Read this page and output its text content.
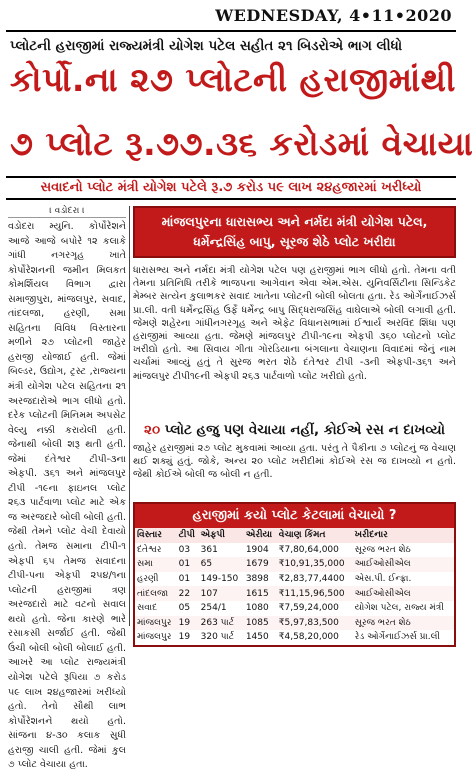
WEDNESDAY, 4•11•2020
પ્લોટની હરાજીમાં રાજ્યમંત્રી યોગેશ પટેલ સહીત ૨૧ બિડરોએ ભાગ લીધો
કોર્પો.ના ૨૭ પ્લોટની હરાજીમાંથી
૭ પ્લોટ રૂ.૭૭.૩૬ કરોડમાં વેચાયા
સવાદનો પ્લોટ મંત્રી યોગેશ પટેલે રૂ.૭ કરોડ ૫૯ લાખ ૨૪હજારમાં ખરીધ્યો
। વડોદરા ।
વડોદરા મ્યુનિ. કોર્પોરેશને આજે આજે બપોરે ૧૨ કલાકે ગાંધી નગરગૃહ ખાતે કોર્પોરેશનની જમીન મિલકત કોમર્શિયલ વિભાગ દ્વારા સમાજીપુરા, માંજલપુર, સવાદ, તાંદલજા, હરણી, સમા સહિતના વિવિધ વિસ્તારના મળીને ૨૭ પ્લોટની જાહેર હરાજી યોજાઈ હતી. જેમાં બિલ્ડર, ઉદ્યોગ, ટ્રસ્ટ ,રાજ્યના મંત્રી યોગેશ પટેલ સહિતના ૨૧ અરજદારોએ ભાગ લીધો હતો. દરેક પ્લોટની મિનિમમ અપસેટ વેલ્યુ નક્કી કરાયેલી હતી. જેનાથી બોલી શરૂ થતી હતી. જેમાં દંતેશ્વર ટીપી-૩ના એફપી. ૩૬૧ અને માંજલપુર ટીપી -૧૯ના ફાઇનલ પ્લોટ ૨૬૩ પાર્ટવાળા પ્લોટ માટે એક જ અરજદારે બોલી બોલી હતી. જેથી તેમને પ્લોટ વેચી દેવાયો હતો. તેમજ સમાના ટીપી-૧ એફપી ૬૫ તેમજ સવાદના ટીપી-પના એફપી ૨૫૪/૧ના પ્લોટની હરાજીમાં ત્રણ અરજદારો માટે વટનો સવાલ થયો હતો. જેના કારણે ભારે રસાકસી સર્જાઈ હતી. જેથી ઉંચી બોલી બોલી બોલાઈ હતી. આખરે આ પ્લોટ રાજ્યમંત્રી યોગેશ પટેલે રૂપિયા ૭ કરોડ ૫૯ લાખ ૨૪હજારમાં ખરીધ્યો હતો. તેનો સૌથી લાભ કોર્પોરેશનને થયો હતો. સાંજના ૪-૩૦ કલાક સુધી હરાજી ચાલી હતી. જેમાં કુલ ૭ પ્લોટ વેચાયા હતા.
માંજલપુરના ધારાસભ્ય અને નર્મદા મંત્રી યોગેશ પટેલ, ધર્મેન્દ્રસિંહ બાપુ, સૂરજ શેઠે પ્લોટ ખરીદ્યા
ધારાસભ્ય અને નર્મદા મંત્રી યોગેશ પટેલ પણ હરાજીમાં ભાગ લીધો હતો. તેમના વતી તેમના પ્રતિનિધિ તરીકે ભાજપના આગેવાન એવા એમ.એસ. યુનિવર્સિટીના સિન્ડિકેટ મેમ્બર સત્યેન કુલાભકર સવાદ ખાતેના પ્લોટની બોલી બોલતા હતા. રેડ ઓર્ગેનાઈઝર્સ પ્રા.લી. વતી ધર્મેન્દ્રસિંહ ઉર્ફે ધર્મેન્દ્ર બાપુ સિદ્ધરાજસિંહ વાઘેલાએ બોલી લગાવી હતી. જેમણે શહેરના ગાંધીનગરગૃહ અને એફેટ વિધાનસભામાં ઈશ્વાર્ય અરવિંદ શિંધા પણ હરાજીમાં આવ્યા હતા. જેમણે માંજલપુર ટીપી-૧૯ના એફપી ૩૬૦ પ્લોટનો પ્લોટ ખરીદ્યો હતો. આ સિવાય ગીતા ગોરડિયાના બંગલાના વેચાણના વિવાદમાં જેનું નામ ચર્ચામાં આવ્યું હતું તે સુરજ ભરત શેઠે દંતેશ્વર ટીપી -૩ની એફપી-૩૬૧ અને માંજલપુર ટીપી૧૯ની એફપી ૨૬૩ પાર્ટવાળો પ્લોટ ખરીદ્યો હતો.
૨૦ પ્લોટ હજુ પણ વેચાયા નહીં, કોઈએ રસ ન દાખવ્યો
જાહેર હરાજીમાં ૨૭ પ્લોટ મુકવામાં આવ્યા હતા. પરંતુ તે પૈકીના ૭ પ્લોટનું જ વેચાણ થઈ શક્યું હતું. જોકે, અન્ય ૨૦ પ્લોટ ખરીદીમાં કોઈએ રસ જ દાખવ્યો ન હતો. જેથી કોઈએ બોલી જ બોલી ન હતી.
હરાજીમાં કયો પ્લોટ કેટલામાં વેચાયો ?
વિસ્તાર	ટીપી	એફપી	એરીયા	વેચાણ કિંમત	ખરીદનાર
દંતેશ્વર	03	361	1904	₹7,80,64,000	સૂરજ ભરત શેઠ
સમા	01	65	1679	₹10,91,35,000	આઈઓસીએલ
હરણી	01	149-150	3898	₹2,83,77,4400	એસ.પી. ઈન્ફ્રા.
તાંદલજા	22	107	1615	₹11,15,96,500	આઈઓસીએલ
સવાદ	05	254/1	1080	₹7,59,24,000	યોગેશ પટેલ, રાજ્ય મંત્રી
માંજલપુર	19	263 પાર્ટ	1085	₹5,97,83,500	સૂરજ ભરત શેઠ
માંજલપુર	19	320 પાર્ટ	1450	₹4,58,20,000	રેડ ઓર્ગેનાઈઝર્સ પ્રા.લી
